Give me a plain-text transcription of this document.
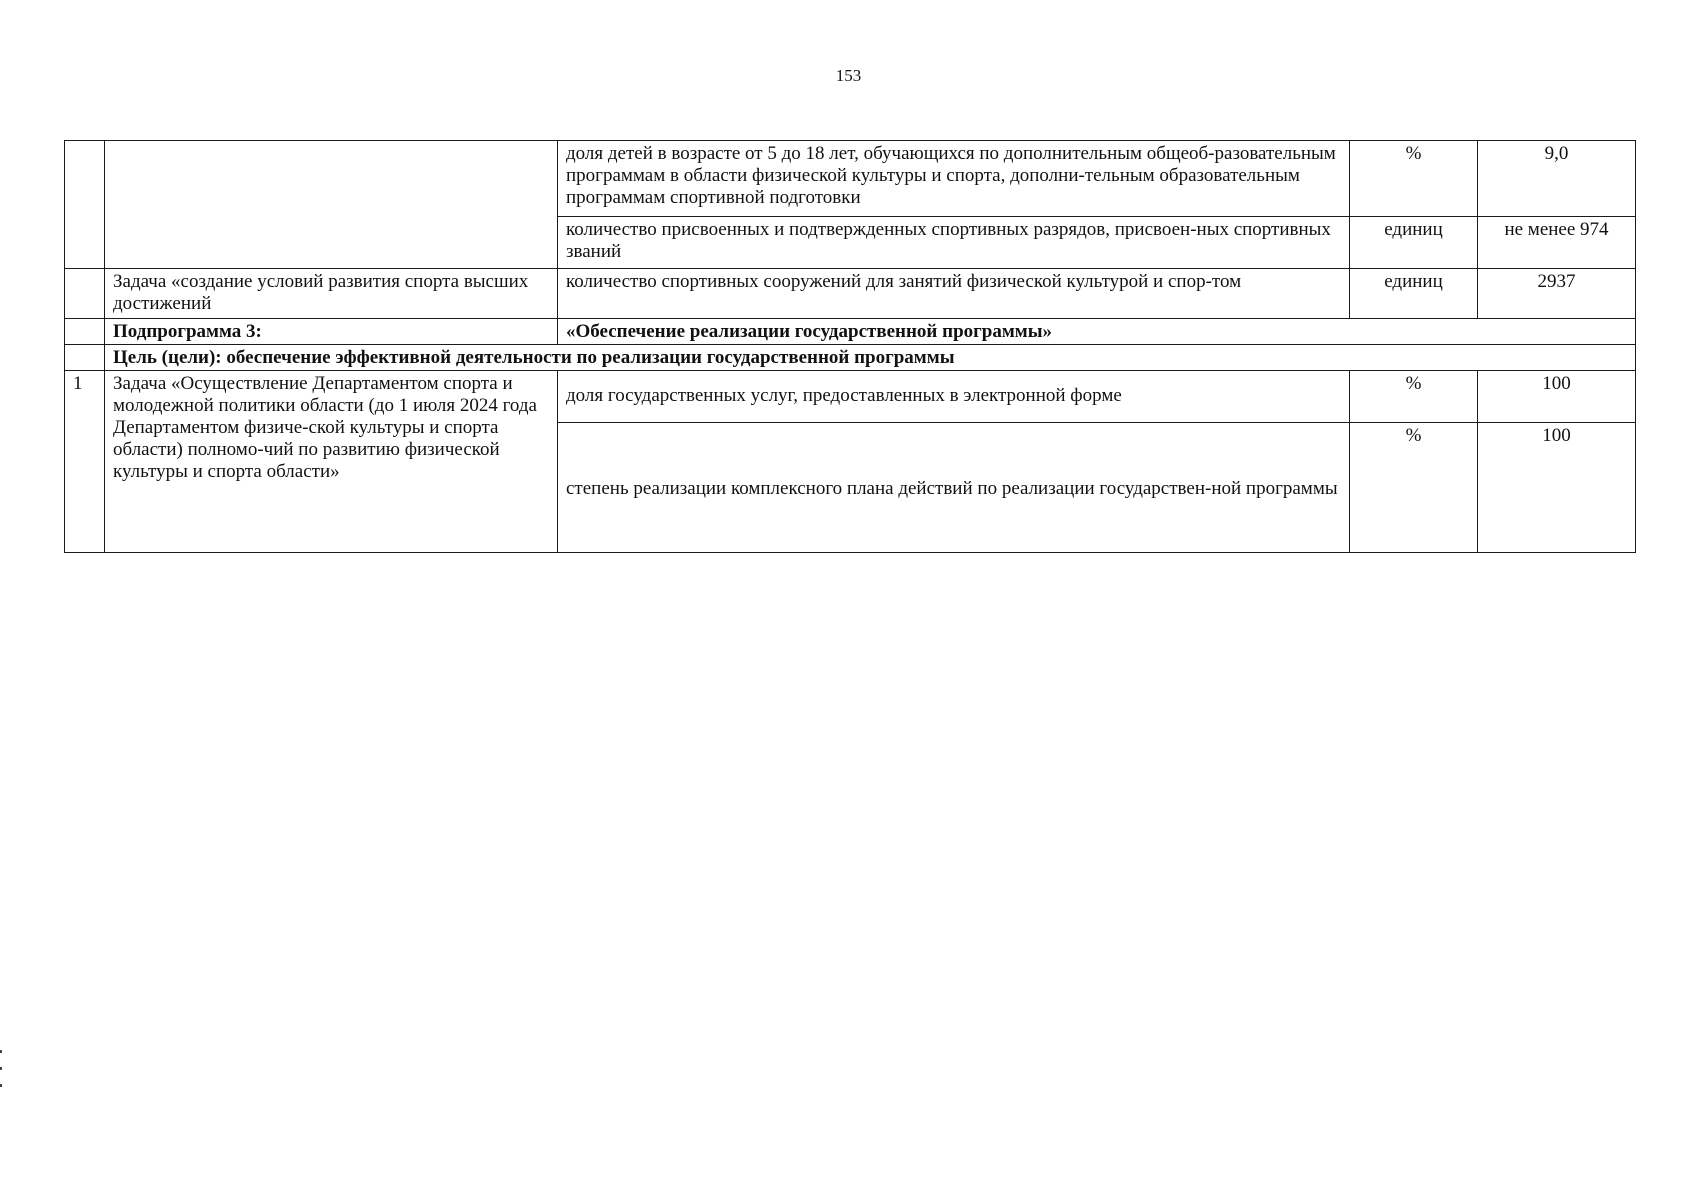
153
		доля детей в возрасте от 5 до 18 лет, обучающихся по дополнительным общеоб-разовательным программам в области физической культуры и спорта, дополни-тельным образовательным программам спортивной подготовки	%	9,0
		количество присвоенных и подтвержденных спортивных разрядов, присвоен-ных спортивных званий	единиц	не менее 974
	Задача «создание условий развития спорта высших достижений	количество спортивных сооружений для занятий физической культурой и спор-том	единиц	2937
	Подпрограмма 3:	«Обеспечение реализации государственной программы»		
	Цель (цели): обеспечение эффективной деятельности по реализации государственной программы			
1	Задача «Осуществление Департаментом спорта и молодежной политики области (до 1 июля 2024 года Департаментом физиче-ской культуры и спорта области) полномо-чий по развитию физической культуры и спорта области»	доля государственных услуг, предоставленных в электронной форме	%	100
		степень реализации комплексного плана действий по реализации государствен-ной программы	%	100
